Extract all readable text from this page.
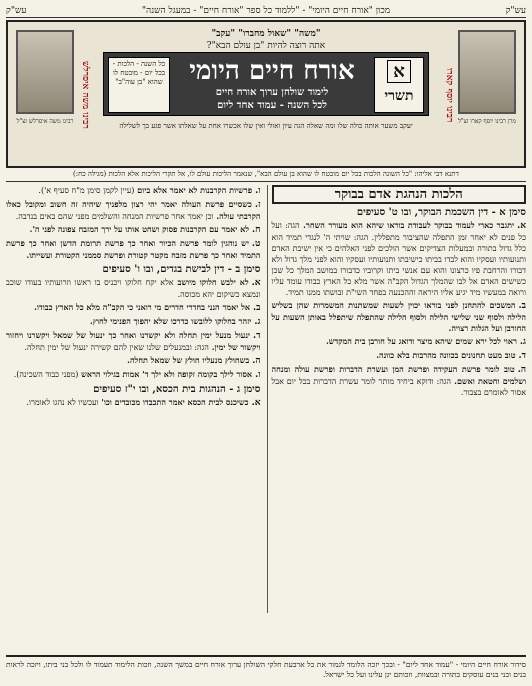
עש"ק
מכון "אורח חיים היומי" - "ללמוד כל ספר "אורח חיים" - במעגל השנה"
עש"ק
מרן רבינו יוסף קארו זצ"ל
רבינו משה איסרלש זצ"ל	רבינו יוסף קארו
רבינו משה איסרלש
"משה" "שאול מחברו" "עקב"
אתה רוצה להיות "בן עולם הבא"?
א
תשרי
אורח חיים היומי
לימוד שולחן ערוך אורח חיים
לכל השנה - עמוד אחד ליום
כל השנה - הלכות - בכל יום - מובטח לו שהוא "בן עוה"ב"
יעקב משער אותה כולה שלו ומה שאלה הגה עיון ואולי ואין שלו אכשרו אחת על שאלתו אשר פגע בך לשלילה
דתנא דבי אליהו: "כל השונה הלכות בכל יום מובטח לו שהוא בן עולם הבא", שנאמר הליכות עולם לו, אל תקרי הליכות אלא הלכות (מגילה כח:)
הלכות הנהגת אדם בבוקר
סימן א - דין השכמת הבוקר, ובו ט' סעיפים
א.יתגבר כארי לעמוד בבוקר לעבודת בוראו שיהא הוא מעורר השחר. הגה: ועל כל פנים לא יאחר זמן התפלה שהציבור מתפללין. הגה: שויתי ה' לנגדי תמיד הוא כלל גדול בתורה ובמעלות הצדיקים אשר הולכים לפני האלהים כי אין ישיבת האדם ותנועותיו ועסקיו והוא לבדו בביתו כישיבתו ותנועותיו ועסקיו והוא לפני מלך גדול ולא דבורו והרחבת פיו כרצונו והוא עם אנשי ביתו וקרוביו כדבורו במושב המלך כל שכן כשישים האדם אל לבו שהמלך הגדול הקב"ה אשר מלא כל הארץ כבודו עומד עליו ורואה במעשיו מיד יגיע אליו היראה וההכנעה בפחד השי"ת ובושתו ממנו תמיד.
ב.המשכים להתחנן לפני בוראו יכוין לשעות שמשתנות המשמרות שהן בשליש הלילה ולסוף שני שלישי הלילה ולסוף הלילה שהתפלה שיתפלל באותן השעות על החורבן ועל הגלות רצויה.
ג.ראוי לכל ירא שמים שיהא מיצר ודואג על חורבן בית המקדש.
ד.טוב מעט תחנונים בכוונה מהרבות בלא כוונה.
ה.טוב לומר פרשת העקידה ופרשת המן ועשרת הדברות ופרשת עולה ומנחה ושלמים וחטאת ואשם. הגה: ודוקא ביחיד מותר לומר עשרת הדברות בכל יום אבל אסור לאומרם בצבור.
ו.פרשיות הקרבנות לא יאמר אלא ביום (עיין לקמן סימן מ"ח סעיף א').
ז.כשסיים פרשת העולה יאמר יהי רצון מלפניך שיהיה זה חשוב ומקובל כאלו הקרבתי עולה. וכן יאמר אחר פרשיות המנחה והשלמים מפני שהם באים בנדבה.
ח.לא יאמר עם הקרבנות פסוק ושחט אותו על ירך המזבח צפונה לפני ה'.
ט.יש נוהגין לומר פרשת הכיור ואחר כך פרשת תרומת הדשן ואחר כך פרשת התמיד ואחר כך פרשת מזבח מקטר קטורת ופרשת סממני הקטורת ועשייתו.
סימן ב - דין לבישת בגדים, ובו ו' סעיפים
א.לא ילבש חלוקו מיושב אלא יקח חלוקו ויכניס בו ראשו וזרועותיו בעודו שוכב ונמצא כשיקום יהא מכוסה.
ב.אל יאמר הנני בחדרי חדרים מי רואני כי הקב"ה מלא כל הארץ כבודו.
ג.יזהר בחלוקו ללובשו כדרכו שלא יהפוך הפנימי לחוץ.
ד.ינעול מנעל ימין תחלה ולא יקשרנו ואחר כך ינעול של שמאל ויקשרנו ויחזור ויקשור של ימין. הגה: ובמנעלים שלנו שאין להם קשירה ינעול של ימין תחלה.
ה.בשחולץ מנעליו חולץ של שמאל תחלה.
ו.אסור לילך בקומה זקופה ולא ילך ד' אמות בגילוי הראש (מפני כבוד השכינה).
סימן ג - הנהגות בית הכסא, ובו י"ז סעיפים
א.כשיכנס לבית הכסא יאמר התכבדו מכובדים וכו' ועכשיו לא נהגו לאומרו.
סידור אורח חיים היומי - "עמוד אחד ליום" - ובכך יזכה הלומד לגמור את כל ארבעת חלקי השולחן ערוך אורח חיים במשך השנה, וזכות הלימוד תעמוד לו ולכל בני ביתו, ויזכה לראות בנים ובני בנים עוסקים בתורה ובמצוות, וזכותם יגן עלינו ועל כל ישראל.
